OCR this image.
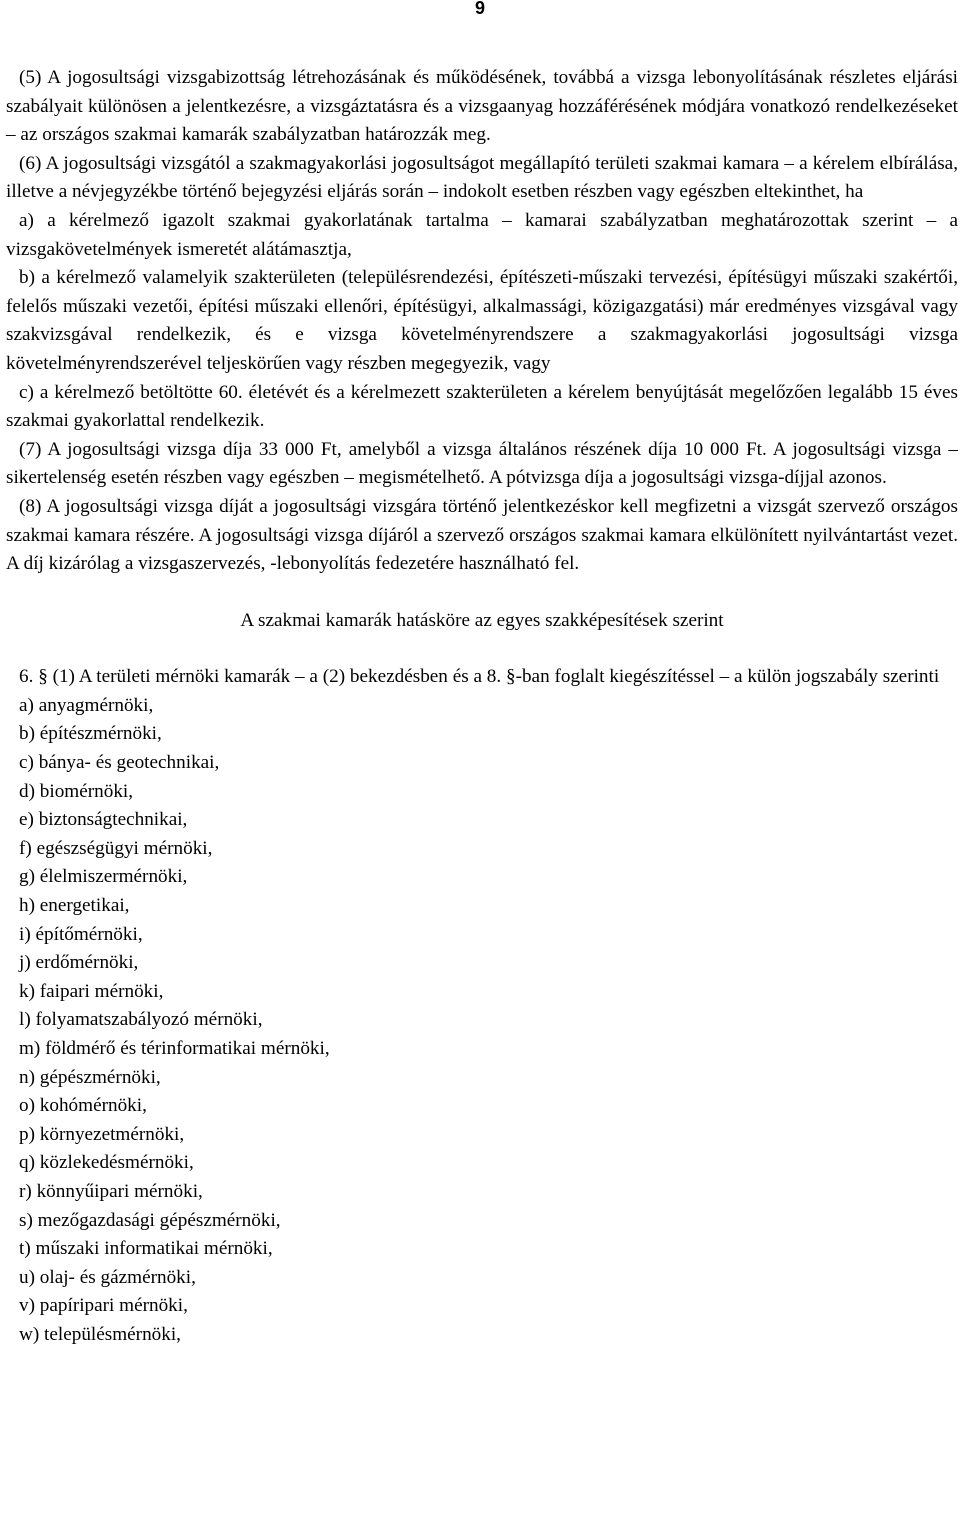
9

(5) A jogosultsági vizsgabizottság létrehozásának és működésének, továbbá a vizsga lebonyolításának részletes eljárási szabályait különösen a jelentkezésre, a vizsgáztatásra és a vizsgaanyag hozzáférésének módjára vonatkozó rendelkezéseket – az országos szakmai kamarák szabályzatban határozzák meg.

(6) A jogosultsági vizsgától a szakmagyakorlási jogosultságot megállapító területi szakmai kamara – a kérelem elbírálása, illetve a névjegyzékbe történő bejegyzési eljárás során – indokolt esetben részben vagy egészben eltekinthet, ha

a) a kérelmező igazolt szakmai gyakorlatának tartalma – kamarai szabályzatban meghatározottak szerint – a vizsgakövetelmények ismeretét alátámasztja,

b) a kérelmező valamelyik szakterületen (településrendezési, építészeti-műszaki tervezési, építésügyi műszaki szakértői, felelős műszaki vezetői, építési műszaki ellenőri, építésügyi, alkalmassági, közigazgatási) már eredményes vizsgával vagy szakvizsgával rendelkezik, és e vizsga követelményrendszere a szakmagyakorlási jogosultsági vizsga követelményrendszerével teljeskörűen vagy részben megegyezik, vagy

c) a kérelmező betöltötte 60. életévét és a kérelmezett szakterületen a kérelem benyújtását megelőzően legalább 15 éves szakmai gyakorlattal rendelkezik.

(7) A jogosultsági vizsga díja 33 000 Ft, amelyből a vizsga általános részének díja 10 000 Ft. A jogosultsági vizsga – sikertelenség esetén részben vagy egészben – megismételhető. A pótvizsga díja a jogosultsági vizsga-díjjal azonos.

(8) A jogosultsági vizsga díját a jogosultsági vizsgára történő jelentkezéskor kell megfizetni a vizsgát szervező országos szakmai kamara részére. A jogosultsági vizsga díjáról a szervező országos szakmai kamara elkülönített nyilvántartást vezet. A díj kizárólag a vizsgaszervezés, -lebonyolítás fedezetére használható fel.

A szakmai kamarák hatásköre az egyes szakképesítések szerint

6. § (1) A területi mérnöki kamarák – a (2) bekezdésben és a 8. §-ban foglalt kiegészítéssel – a külön jogszabály szerinti

a) anyagmérnöki,
b) építészmérnöki,
c) bánya- és geotechnikai,
d) biomérnöki,
e) biztonságtechnikai,
f) egészségügyi mérnöki,
g) élelmiszermérnöki,
h) energetikai,
i) építőmérnöki,
j) erdőmérnöki,
k) faipari mérnöki,
l) folyamatszabályozó mérnöki,
m) földmérő és térinformatikai mérnöki,
n) gépészmérnöki,
o) kohómérnöki,
p) környezetmérnöki,
q) közlekedésmérnöki,
r) könnyűipari mérnöki,
s) mezőgazdasági gépészmérnöki,
t) műszaki informatikai mérnöki,
u) olaj- és gázmérnöki,
v) papíripari mérnöki,
w) településmérnöki,
